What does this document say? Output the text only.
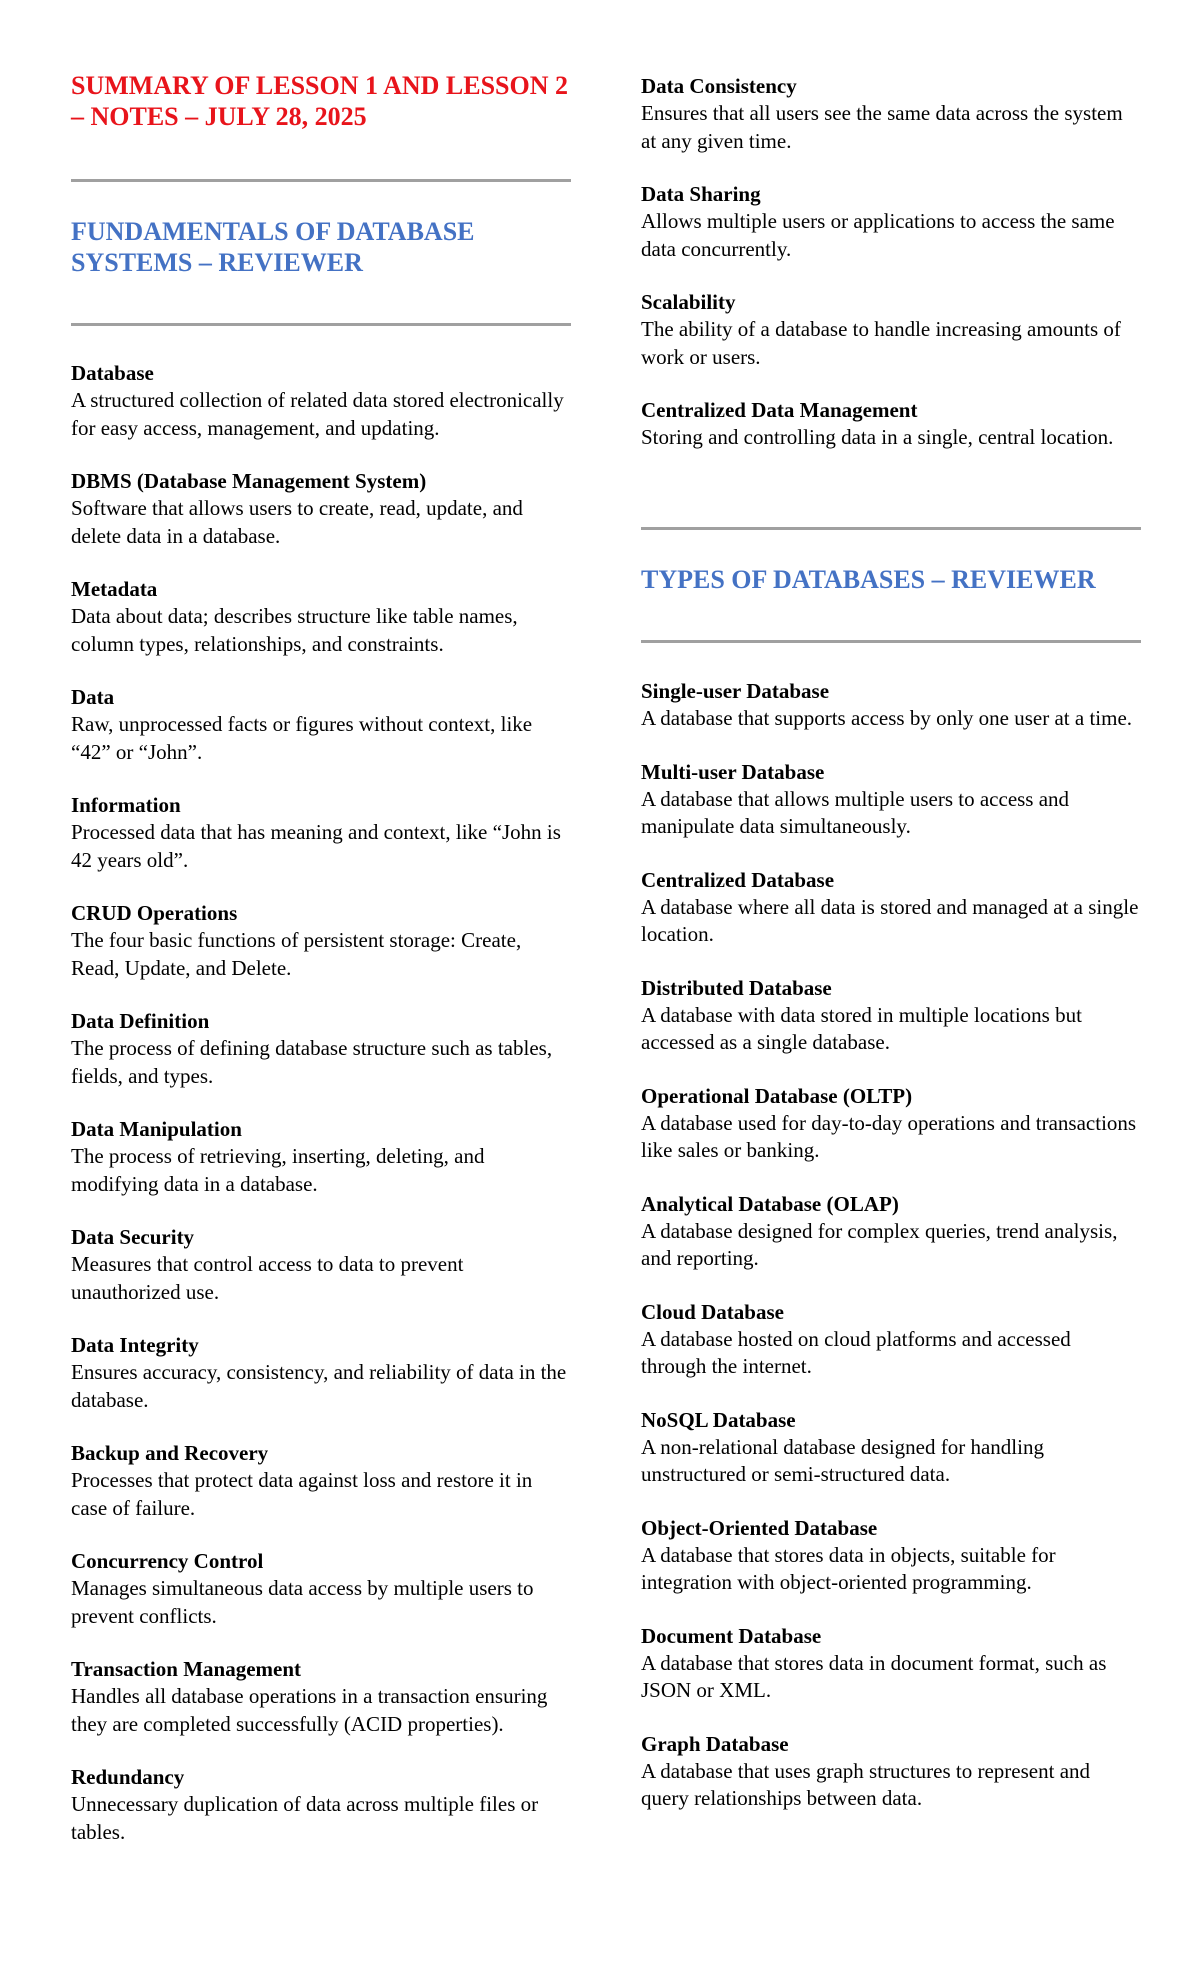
SUMMARY OF LESSON 1 AND LESSON 2 – NOTES – JULY 28, 2025
FUNDAMENTALS OF DATABASE SYSTEMS – REVIEWER
Database
A structured collection of related data stored electronically for easy access, management, and updating.
DBMS (Database Management System)
Software that allows users to create, read, update, and delete data in a database.
Metadata
Data about data; describes structure like table names, column types, relationships, and constraints.
Data
Raw, unprocessed facts or figures without context, like “42” or “John”.
Information
Processed data that has meaning and context, like “John is 42 years old”.
CRUD Operations
The four basic functions of persistent storage: Create, Read, Update, and Delete.
Data Definition
The process of defining database structure such as tables, fields, and types.
Data Manipulation
The process of retrieving, inserting, deleting, and modifying data in a database.
Data Security
Measures that control access to data to prevent unauthorized use.
Data Integrity
Ensures accuracy, consistency, and reliability of data in the database.
Backup and Recovery
Processes that protect data against loss and restore it in case of failure.
Concurrency Control
Manages simultaneous data access by multiple users to prevent conflicts.
Transaction Management
Handles all database operations in a transaction ensuring they are completed successfully (ACID properties).
Redundancy
Unnecessary duplication of data across multiple files or tables.
Data Consistency
Ensures that all users see the same data across the system at any given time.
Data Sharing
Allows multiple users or applications to access the same data concurrently.
Scalability
The ability of a database to handle increasing amounts of work or users.
Centralized Data Management
Storing and controlling data in a single, central location.
TYPES OF DATABASES – REVIEWER
Single-user Database
A database that supports access by only one user at a time.
Multi-user Database
A database that allows multiple users to access and manipulate data simultaneously.
Centralized Database
A database where all data is stored and managed at a single location.
Distributed Database
A database with data stored in multiple locations but accessed as a single database.
Operational Database (OLTP)
A database used for day-to-day operations and transactions like sales or banking.
Analytical Database (OLAP)
A database designed for complex queries, trend analysis, and reporting.
Cloud Database
A database hosted on cloud platforms and accessed through the internet.
NoSQL Database
A non-relational database designed for handling unstructured or semi-structured data.
Object-Oriented Database
A database that stores data in objects, suitable for integration with object-oriented programming.
Document Database
A database that stores data in document format, such as JSON or XML.
Graph Database
A database that uses graph structures to represent and query relationships between data.
